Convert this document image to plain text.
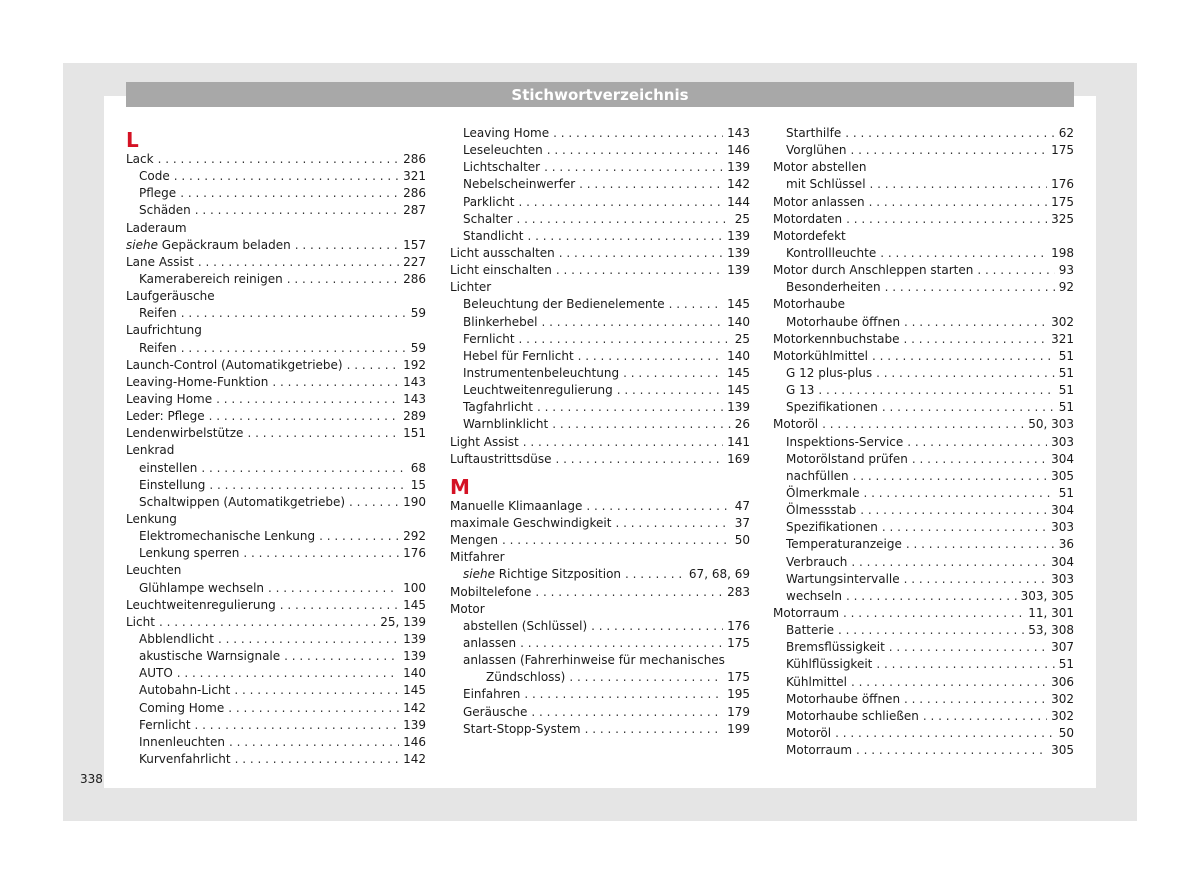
Stichwortverzeichnis
L
Lack . . .	286
Code . . .	321
Pflege . . .	286
Schäden . . .	287
Laderaum
siehe Gepäckraum beladen . . .	157
Lane Assist . . .	227
Kamerabereich reinigen . . .	286
Laufgeräusche
Reifen . . .	59
Laufrichtung
Reifen . . .	59
Launch-Control (Automatikgetriebe) . . .	192
Leaving-Home-Funktion . . .	143
Leaving Home . . .	143
Leder: Pflege . . .	289
Lendenwirbelstütze . . .	151
Lenkrad
einstellen . . .	68
Einstellung . . .	15
Schaltwippen (Automatikgetriebe) . . .	190
Lenkung
Elektromechanische Lenkung . . .	292
Lenkung sperren . . .	176
Leuchten
Glühlampe wechseln . . .	100
Leuchtweitenregulierung . . .	145
Licht . . .	25, 139
Abblendlicht . . .	139
akustische Warnsignale . . .	139
AUTO . . .	140
Autobahn-Licht . . .	145
Coming Home . . .	142
Fernlicht . . .	139
Innenleuchten . . .	146
Kurvenfahrlicht . . .	142
Leaving Home . . .	143
Leseleuchten . . .	146
Lichtschalter . . .	139
Nebelscheinwerfer . . .	142
Parklicht . . .	144
Schalter . . .	25
Standlicht . . .	139
Licht ausschalten . . .	139
Licht einschalten . . .	139
Lichter
Beleuchtung der Bedienelemente . . .	145
Blinkerhebel . . .	140
Fernlicht . . .	25
Hebel für Fernlicht . . .	140
Instrumentenbeleuchtung . . .	145
Leuchtweitenregulierung . . .	145
Tagfahrlicht . . .	139
Warnblinklicht . . .	26
Light Assist . . .	141
Luftaustrittsdüse . . .	169
M
Manuelle Klimaanlage . . .	47
maximale Geschwindigkeit . . .	37
Mengen . . .	50
Mitfahrer
siehe Richtige Sitzposition . . .	67, 68, 69
Mobiltelefone . . .	283
Motor
abstellen (Schlüssel) . . .	176
anlassen . . .	175
anlassen (Fahrerhinweise für mechanisches
Zündschloss) . . .	175
Einfahren . . .	195
Geräusche . . .	179
Start-Stopp-System . . .	199
Starthilfe . . .	62
Vorglühen . . .	175
Motor abstellen
mit Schlüssel . . .	176
Motor anlassen . . .	175
Motordaten . . .	325
Motordefekt
Kontrollleuchte . . .	198
Motor durch Anschleppen starten . . .	93
Besonderheiten . . .	92
Motorhaube
Motorhaube öffnen . . .	302
Motorkennbuchstabe . . .	321
Motorkühlmittel . . .	51
G 12 plus-plus . . .	51
G 13 . . .	51
Spezifikationen . . .	51
Motoröl . . .	50, 303
Inspektions-Service . . .	303
Motorölstand prüfen . . .	304
nachfüllen . . .	305
Ölmerkmale . . .	51
Ölmessstab . . .	304
Spezifikationen . . .	303
Temperaturanzeige . . .	36
Verbrauch . . .	304
Wartungsintervalle . . .	303
wechseln . . .	303, 305
Motorraum . . .	11, 301
Batterie . . .	53, 308
Bremsflüssigkeit . . .	307
Kühlflüssigkeit . . .	51
Kühlmittel . . .	306
Motorhaube öffnen . . .	302
Motorhaube schließen . . .	302
Motoröl . . .	50
Motorraum . . .	305
338
